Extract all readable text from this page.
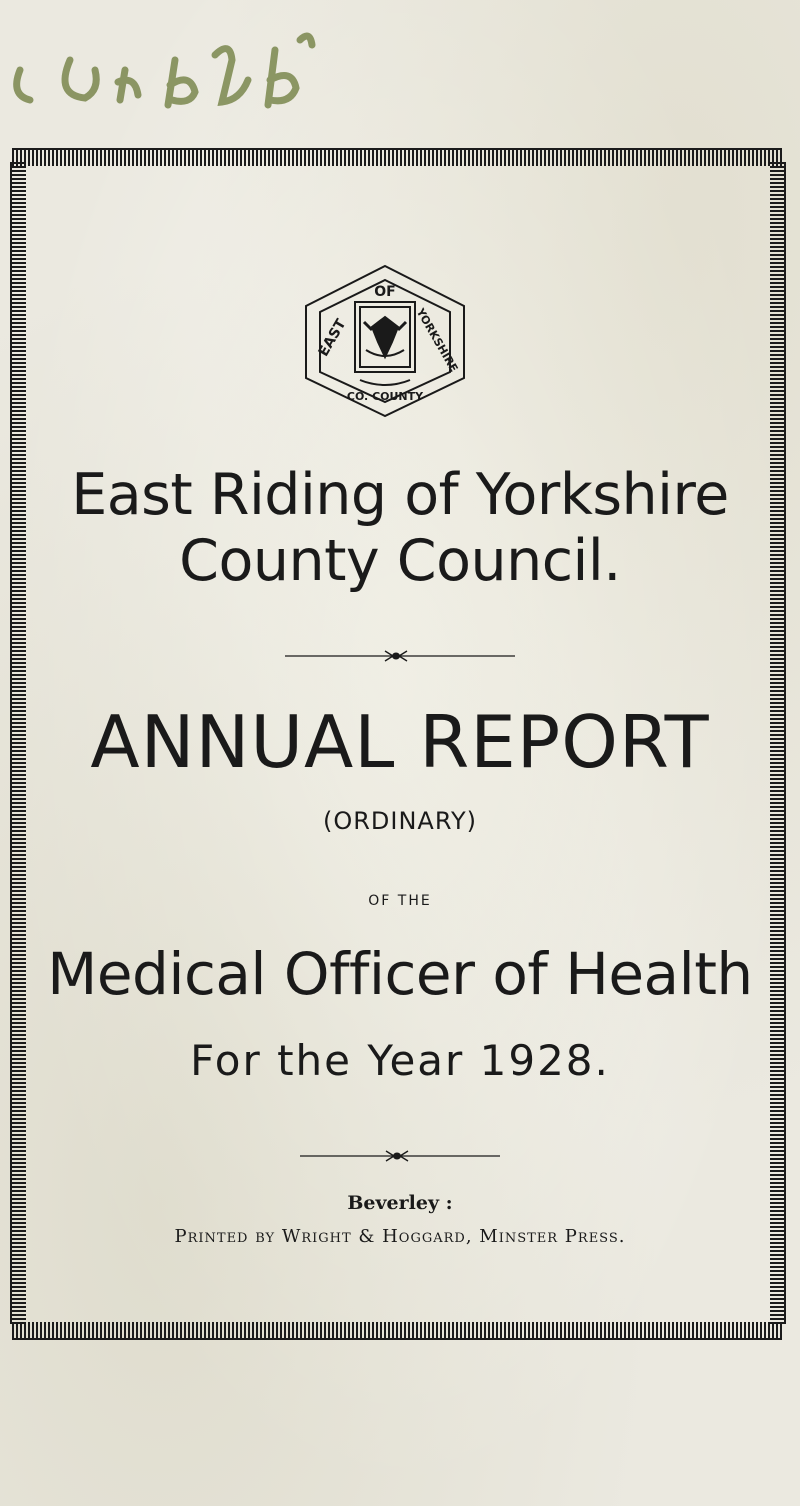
OF
EAST	YORKSHIRE
CO. COUNTY
East Riding of Yorkshire
County Council.
ANNUAL REPORT
(ORDINARY)
OF THE
Medical Officer of Health
For the Year 1928.
Beverley :
Printed by Wright & Hoggard, Minster Press.
